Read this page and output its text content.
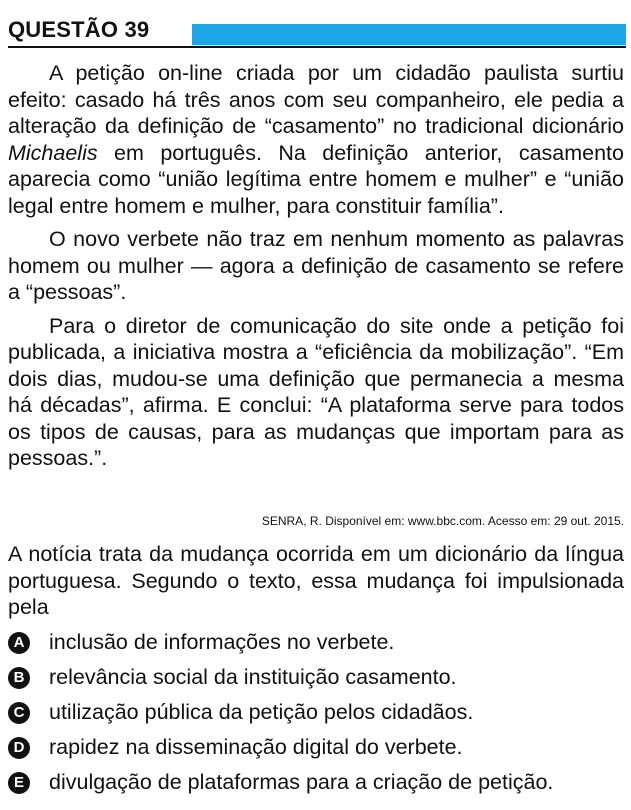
QUESTÃO 39

A petição on-line criada por um cidadão paulista surtiu efeito: casado há três anos com seu companheiro, ele pedia a alteração da definição de “casamento” no tradicional dicionário Michaelis em português. Na definição anterior, casamento aparecia como “união legítima entre homem e mulher” e “união legal entre homem e mulher, para constituir família”.

O novo verbete não traz em nenhum momento as palavras homem ou mulher — agora a definição de casamento se refere a “pessoas”.

Para o diretor de comunicação do site onde a petição foi publicada, a iniciativa mostra a “eficiência da mobilização”. “Em dois dias, mudou-se uma definição que permanecia a mesma há décadas”, afirma. E conclui: “A plataforma serve para todos os tipos de causas, para as mudanças que importam para as pessoas.”.

SENRA, R. Disponível em: www.bbc.com. Acesso em: 29 out. 2015.

A notícia trata da mudança ocorrida em um dicionário da língua portuguesa. Segundo o texto, essa mudança foi impulsionada pela

A inclusão de informações no verbete.
B relevância social da instituição casamento.
C utilização pública da petição pelos cidadãos.
D rapidez na disseminação digital do verbete.
E divulgação de plataformas para a criação de petição.
